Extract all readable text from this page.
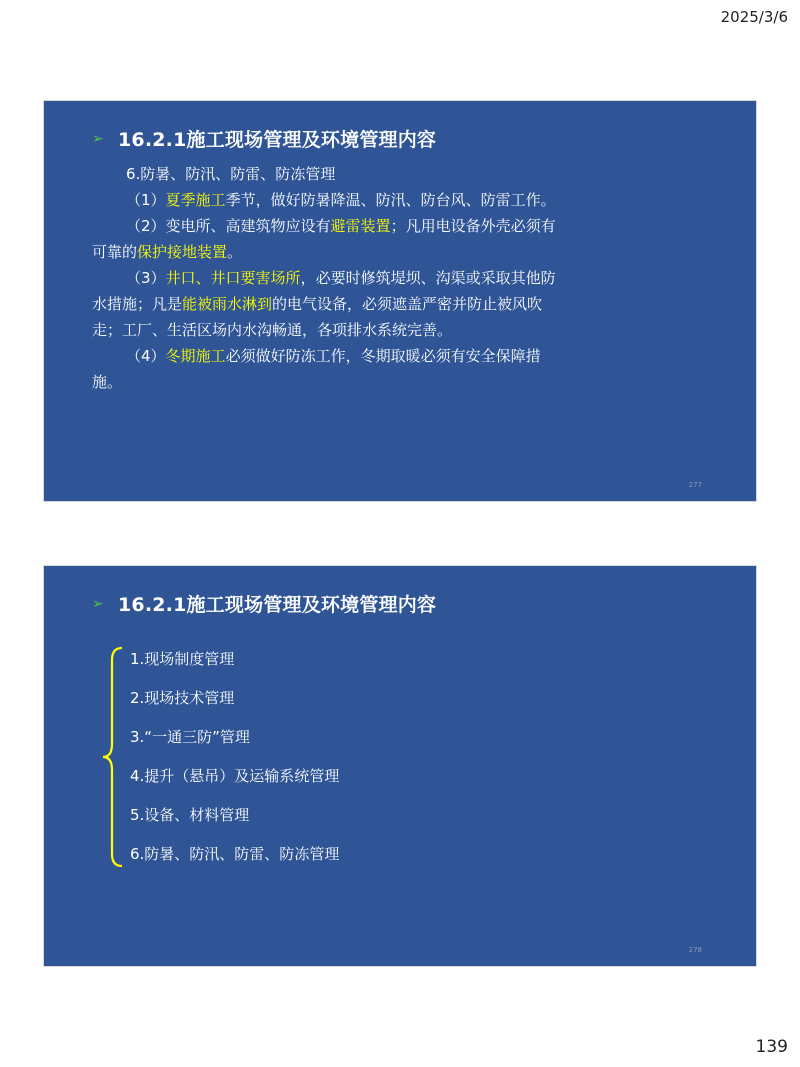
2025/3/6
➢ 16.2.1施工现场管理及环境管理内容

6.防暑、防汛、防雷、防冻管理

（1）夏季施工季节，做好防暑降温、防汛、防台风、防雷工作。

（2）变电所、高建筑物应设有避雷装置；凡用电设备外壳必须有可靠的保护接地装置。

（3）井口、井口要害场所，必要时修筑堤坝、沟渠或采取其他防水措施；凡是能被雨水淋到的电气设备，必须遮盖严密并防止被风吹走；工厂、生活区场内水沟畅通，各项排水系统完善。

（4）冬期施工必须做好防冻工作，冬期取暖必须有安全保障措施。

277
➢ 16.2.1施工现场管理及环境管理内容
1.现场制度管理
2.现场技术管理
3.“一通三防”管理
4.提升（悬吊）及运输系统管理
5.设备、材料管理
6.防暑、防汛、防雷、防冻管理
278
139
